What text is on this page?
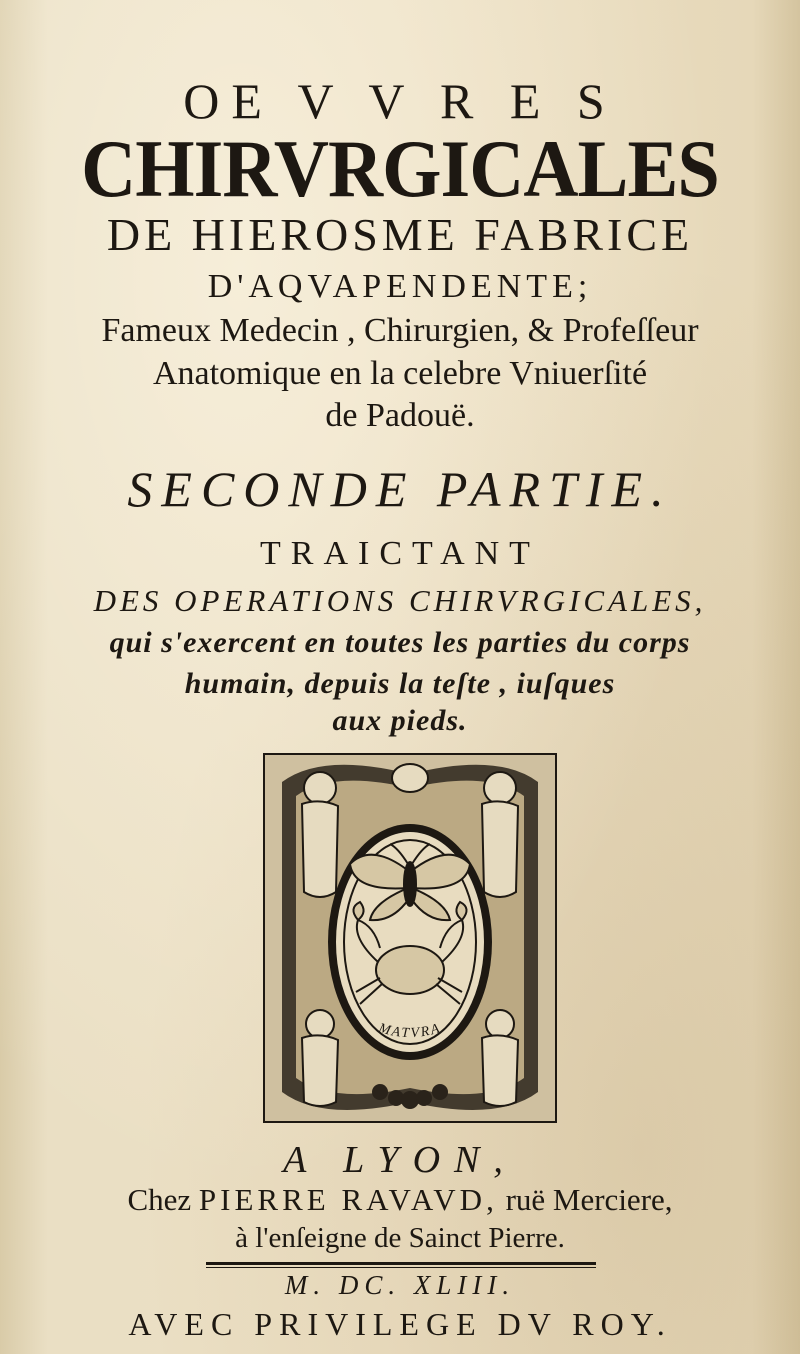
OE V V R E S
CHIRVRGICALES
DE HIEROSME FABRICE
D'AQVAPENDENTE;
Fameux Medecin , Chirurgien, & Profeſſeur
Anatomique en la celebre Vniuerſité
de Padouë.
SECONDE PARTIE.
TRAICTANT
DES OPERATIONS CHIRVRGICALES,
qui s'exercent en toutes les parties du corps
humain, depuis la teſte , iuſques
aux pieds.
MATVRA
A LYON,
Chez PIERRE RAVAVD, ruë Merciere,
à l'enſeigne de Sainct Pierre.
M. DC. XLIII.
AVEC PRIVILEGE DV ROY.
